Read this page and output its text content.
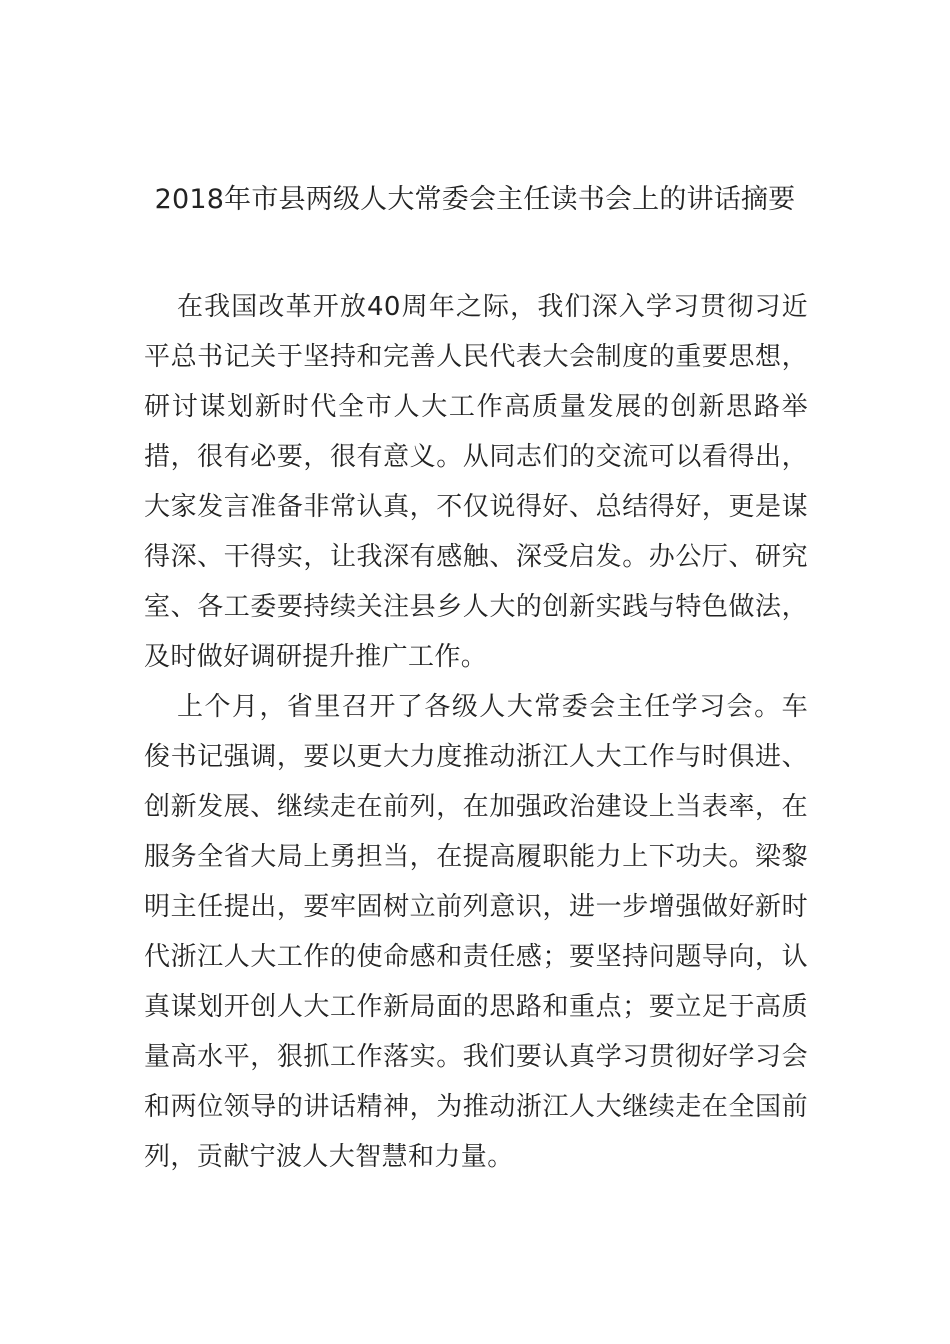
2018年市县两级人大常委会主任读书会上的讲话摘要

在我国改革开放40周年之际，我们深入学习贯彻习近平总书记关于坚持和完善人民代表大会制度的重要思想，研讨谋划新时代全市人大工作高质量发展的创新思路举措，很有必要，很有意义。从同志们的交流可以看得出，大家发言准备非常认真，不仅说得好、总结得好，更是谋得深、干得实，让我深有感触、深受启发。办公厅、研究室、各工委要持续关注县乡人大的创新实践与特色做法，及时做好调研提升推广工作。

上个月，省里召开了各级人大常委会主任学习会。车俊书记强调，要以更大力度推动浙江人大工作与时俱进、创新发展、继续走在前列，在加强政治建设上当表率，在服务全省大局上勇担当，在提高履职能力上下功夫。梁黎明主任提出，要牢固树立前列意识，进一步增强做好新时代浙江人大工作的使命感和责任感；要坚持问题导向，认真谋划开创人大工作新局面的思路和重点；要立足于高质量高水平，狠抓工作落实。我们要认真学习贯彻好学习会和两位领导的讲话精神，为推动浙江人大继续走在全国前列，贡献宁波人大智慧和力量。
